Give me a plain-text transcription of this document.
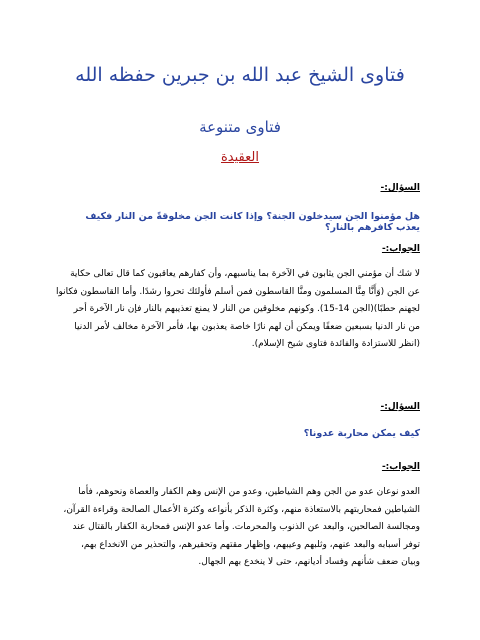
فتاوى الشيخ عبد الله بن جبرين حفظه الله
فتاوى متنوعة
العقيدة
السؤال:-
هل مؤمنوا الجن سيدخلون الجنة؟ وإذا كانت الجن مخلوقةً من النار فكيف يعذب كافرهم بالنار؟
الجواب:-

لا شك أن مؤمني الجن يثابون في الآخرة بما يناسبهم، وأن كفارهم يعاقبون كما قال تعالى حكاية

عن الجن (وَأَنَّا مِنَّا المسلمون ومنَّا القاسطون فمن أسلم فأولئك تحروا رشدًا. وأما القاسطون فكانوا

لجهنم حطبًا)(الجن 14-15). وكونهم مخلوقين من النار لا يمنع تعذيبهم بالنار فإن نار الآخرة أحر

من نار الدنيا بسبعين ضعفًا ويمكن أن لهم نارًا خاصة يعذبون بها، فأمر الآخرة مخالف لأمر الدنيا

(انظر للاستزادة والفائدة فتاوى شيخ الإسلام).

السؤال:-
كيف يمكن محاربة عدونا؟
الجواب:-

العدو نوعان عدو من الجن وهم الشياطين، وعدو من الإنس وهم الكفار والعصاة ونحوهم، فأما

الشياطين فمحاربتهم بالاستعاذة منهم، وكثرة الذكر بأنواعه وكثرة الأعمال الصالحة وقراءة القرآن،

ومجالسة الصالحين، والبعد عن الذنوب والمحرمات. وأما عدو الإنس فمحاربة الكفار بالقتال عند

توفر أسبابه والبعد عنهم، وثلبهم وعيبهم، وإظهار مقتهم وتحقيرهم، والتحذير من الانخداع بهم،

وبيان ضعف شأنهم وفساد أديانهم، حتى لا ينخدع بهم الجهال.
